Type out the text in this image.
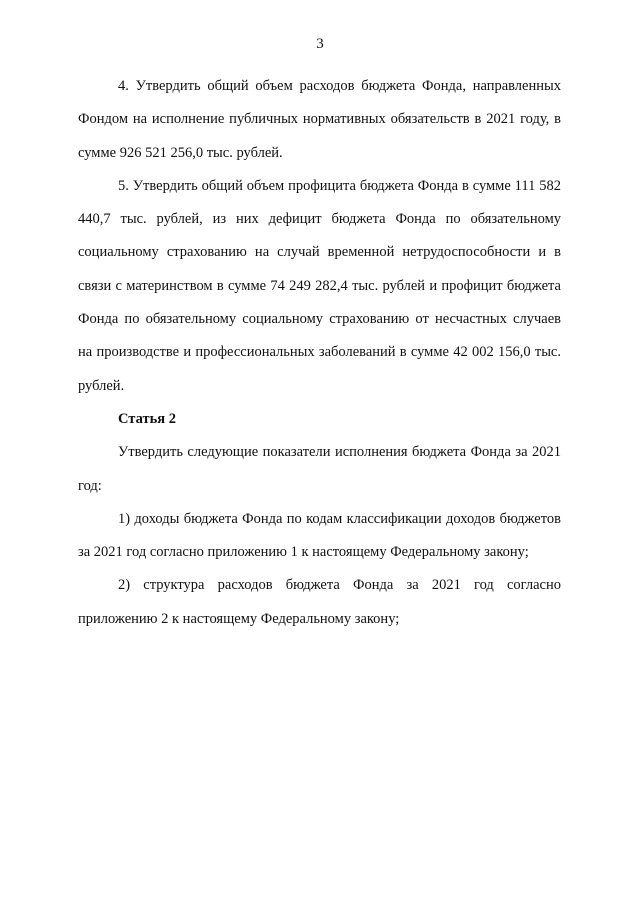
3

4. Утвердить общий объем расходов бюджета Фонда, направленных Фондом на исполнение публичных нормативных обязательств в 2021 году, в сумме 926 521 256,0 тыс. рублей.

5. Утвердить общий объем профицита бюджета Фонда в сумме 111 582 440,7 тыс. рублей, из них дефицит бюджета Фонда по обязательному социальному страхованию на случай временной нетрудоспособности и в связи с материнством в сумме 74 249 282,4 тыс. рублей и профицит бюджета Фонда по обязательному социальному страхованию от несчастных случаев на производстве и профессиональных заболеваний в сумме 42 002 156,0 тыс. рублей.

Статья 2

Утвердить следующие показатели исполнения бюджета Фонда за 2021 год:

1) доходы бюджета Фонда по кодам классификации доходов бюджетов за 2021 год согласно приложению 1 к настоящему Федеральному закону;

2) структура расходов бюджета Фонда за 2021 год согласно приложению 2 к настоящему Федеральному закону;
